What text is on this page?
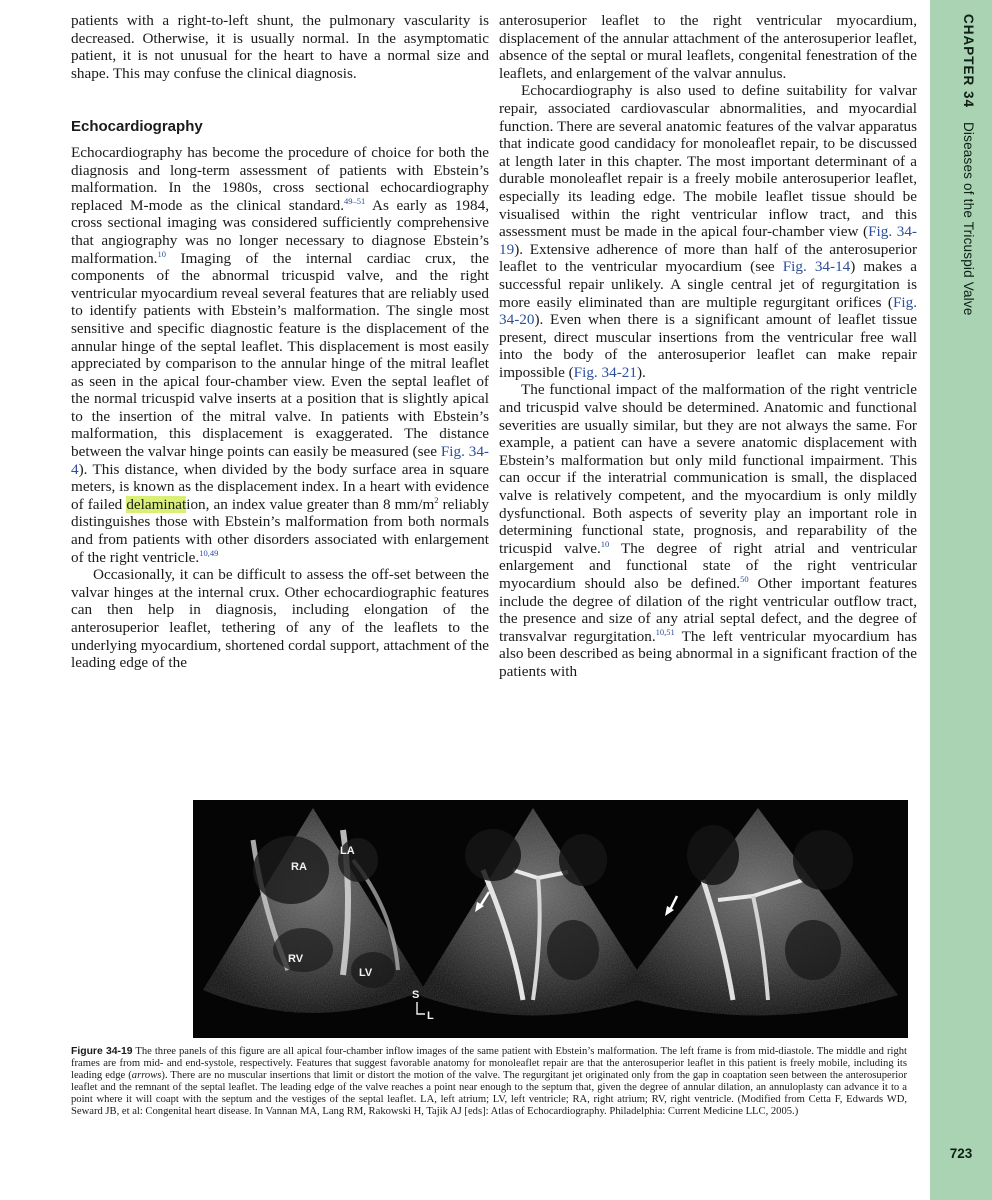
patients with a right-to-left shunt, the pulmonary vascularity is decreased. Otherwise, it is usually normal. In the asymptomatic patient, it is not unusual for the heart to have a normal size and shape. This may confuse the clinical diagnosis.

Echocardiography

Echocardiography has become the procedure of choice for both the diagnosis and long-term assessment of patients with Ebstein’s malformation. In the 1980s, cross sectional echocardiography replaced M-mode as the clinical standard.$^{49-51}$ As early as 1984, cross sectional imaging was considered sufficiently comprehensive that angiography was no longer necessary to diagnose Ebstein’s malformation.$^{10}$ Imaging of the internal cardiac crux, the components of the abnormal tricuspid valve, and the right ventricular myocardium reveal several features that are reliably used to identify patients with Ebstein’s malformation. The single most sensitive and specific diagnostic feature is the displacement of the annular hinge of the septal leaflet. This displacement is most easily appreciated by comparison to the annular hinge of the mitral leaflet as seen in the apical four-chamber view. Even the septal leaflet of the normal tricuspid valve inserts at a position that is slightly apical to the insertion of the mitral valve. In patients with Ebstein’s malformation, this displacement is exaggerated. The distance between the valvar hinge points can easily be measured (see Fig. 34-4). This distance, when divided by the body surface area in square meters, is known as the displacement index. In a heart with evidence of failed delamination, an index value greater than 8 $mm/m^2$ reliably distinguishes those with Ebstein’s malformation from both normals and from patients with other disorders associated with enlargement of the right ventricle.$^{10,49}$

Occasionally, it can be difficult to assess the off-set between the valvar hinges at the internal crux. Other echocardiographic features can then help in diagnosis, including elongation of the anterosuperior leaflet, tethering of any of the leaflets to the underlying myocardium, shortened cordal support, attachment of the leading edge of the

anterosuperior leaflet to the right ventricular myocardium, displacement of the annular attachment of the anterosuperior leaflet, absence of the septal or mural leaflets, congenital fenestration of the leaflets, and enlargement of the valvar annulus.

Echocardiography is also used to define suitability for valvar repair, associated cardiovascular abnormalities, and myocardial function. There are several anatomic features of the valvar apparatus that indicate good candidacy for monoleaflet repair, to be discussed at length later in this chapter. The most important determinant of a durable monoleaflet repair is a freely mobile anterosuperior leaflet, especially its leading edge. The mobile leaflet tissue should be visualised within the right ventricular inflow tract, and this assessment must be made in the apical four-chamber view (Fig. 34-19). Extensive adherence of more than half of the anterosuperior leaflet to the ventricular myocardium (see Fig. 34-14) makes a successful repair unlikely. A single central jet of regurgitation is more easily eliminated than are multiple regurgitant orifices (Fig. 34-20). Even when there is a significant amount of leaflet tissue present, direct muscular insertions from the ventricular free wall into the body of the anterosuperior leaflet can make repair impossible (Fig. 34-21).

The functional impact of the malformation of the right ventricle and tricuspid valve should be determined. Anatomic and functional severities are usually similar, but they are not always the same. For example, a patient can have a severe anatomic displacement with Ebstein’s malformation but only mild functional impairment. This can occur if the interatrial communication is small, the displaced valve is relatively competent, and the myocardium is only mildly dysfunctional. Both aspects of severity play an important role in determining functional state, prognosis, and reparability of the tricuspid valve.$^{10}$ The degree of right atrial and ventricular enlargement and functional state of the right ventricular myocardium should also be defined.$^{50}$ Other important features include the degree of dilation of the right ventricular outflow tract, the presence and size of any atrial septal defect, and the degree of transvalvar regurgitation.$^{10,51}$ The left ventricular myocardium has also been described as being abnormal in a significant fraction of the patients with

RA
LA
RV
LV
S
L
Figure 34-19 The three panels of this figure are all apical four-chamber inflow images of the same patient with Ebstein’s malformation. The left frame is from mid-diastole. The middle and right frames are from mid- and end-systole, respectively. Features that suggest favorable anatomy for monoleaflet repair are that the anterosuperior leaflet in this patient is freely mobile, including its leading edge (arrows). There are no muscular insertions that limit or distort the motion of the valve. The regurgitant jet originated only from the gap in coaptation seen between the anterosuperior leaflet and the remnant of the septal leaflet. The leading edge of the valve reaches a point near enough to the septum that, given the degree of annular dilation, an annuloplasty can advance it to a point where it will coapt with the septum and the vestiges of the septal leaflet. LA, left atrium; LV, left ventricle; RA, right atrium; RV, right ventricle. (Modified from Cetta F, Edwards WD, Seward JB, et al: Congenital heart disease. In Vannan MA, Lang RM, Rakowski H, Tajik AJ [eds]: Atlas of Echocardiography. Philadelphia: Current Medicine LLC, 2005.)
CHAPTER 34 Diseases of the Tricuspid Valve
723
